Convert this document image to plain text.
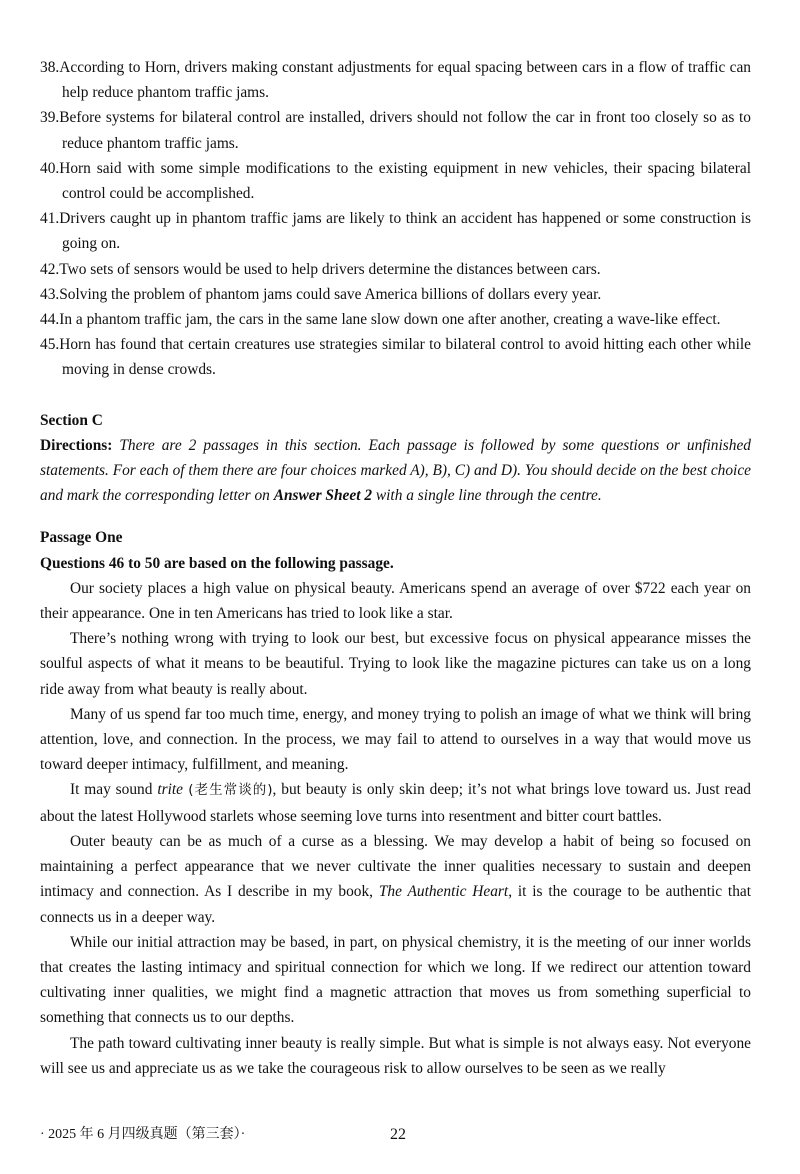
38.According to Horn, drivers making constant adjustments for equal spacing between cars in a flow of traffic can help reduce phantom traffic jams.

39.Before systems for bilateral control are installed, drivers should not follow the car in front too closely so as to reduce phantom traffic jams.

40.Horn said with some simple modifications to the existing equipment in new vehicles, their spacing bilateral control could be accomplished.

41.Drivers caught up in phantom traffic jams are likely to think an accident has happened or some construction is going on.

42.Two sets of sensors would be used to help drivers determine the distances between cars.

43.Solving the problem of phantom jams could save America billions of dollars every year.

44.In a phantom traffic jam, the cars in the same lane slow down one after another, creating a wave-like effect.

45.Horn has found that certain creatures use strategies similar to bilateral control to avoid hitting each other while moving in dense crowds.

Section C

Directions: There are 2 passages in this section. Each passage is followed by some questions or unfinished statements. For each of them there are four choices marked A), B), C) and D). You should decide on the best choice and mark the corresponding letter on Answer Sheet 2 with a single line through the centre.

Passage One
Questions 46 to 50 are based on the following passage.

Our society places a high value on physical beauty. Americans spend an average of over $722 each year on their appearance. One in ten Americans has tried to look like a star.

There’s nothing wrong with trying to look our best, but excessive focus on physical appearance misses the soulful aspects of what it means to be beautiful. Trying to look like the magazine pictures can take us on a long ride away from what beauty is really about.

Many of us spend far too much time, energy, and money trying to polish an image of what we think will bring attention, love, and connection. In the process, we may fail to attend to ourselves in a way that would move us toward deeper intimacy, fulfillment, and meaning.

It may sound trite (老生常谈的), but beauty is only skin deep; it’s not what brings love toward us. Just read about the latest Hollywood starlets whose seeming love turns into resentment and bitter court battles.

Outer beauty can be as much of a curse as a blessing. We may develop a habit of being so focused on maintaining a perfect appearance that we never cultivate the inner qualities necessary to sustain and deepen intimacy and connection. As I describe in my book, The Authentic Heart, it is the courage to be authentic that connects us in a deeper way.

While our initial attraction may be based, in part, on physical chemistry, it is the meeting of our inner worlds that creates the lasting intimacy and spiritual connection for which we long. If we redirect our attention toward cultivating inner qualities, we might find a magnetic attraction that moves us from something superficial to something that connects us to our depths.

The path toward cultivating inner beauty is really simple. But what is simple is not always easy. Not everyone will see us and appreciate us as we take the courageous risk to allow ourselves to be seen as we really

· 2025 年 6 月四级真题（第三套）·	22
